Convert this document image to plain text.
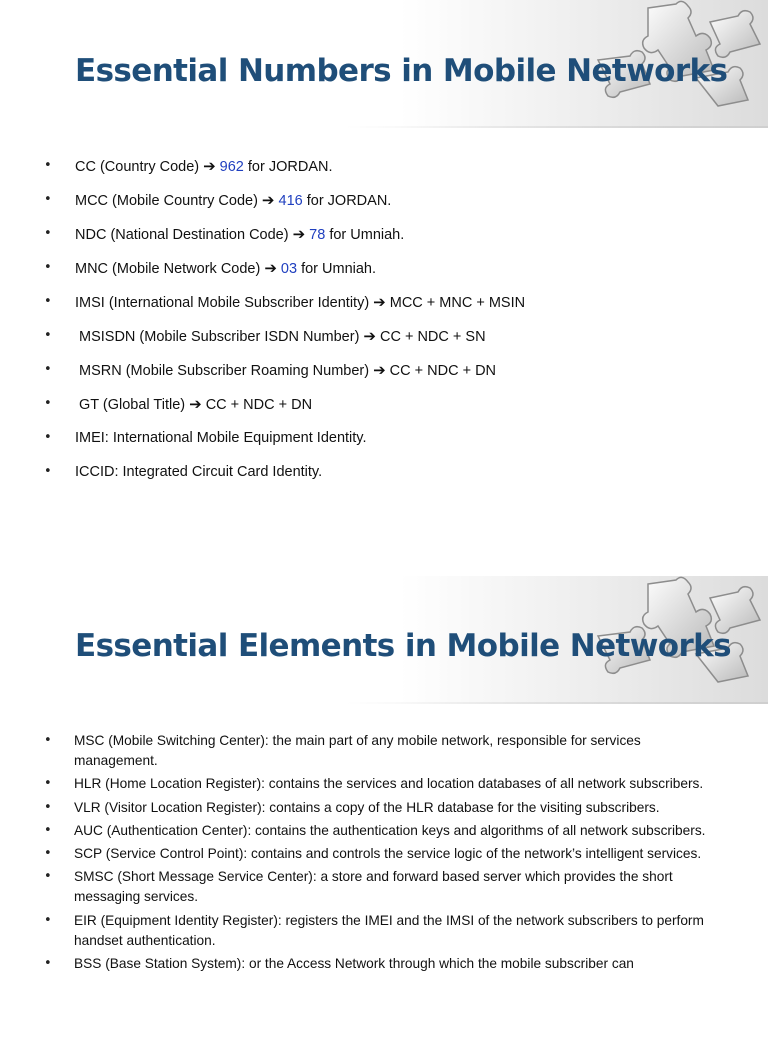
Essential Numbers in Mobile Networks
• CC (Country Code) ➔ 962 for JORDAN.
• MCC (Mobile Country Code) ➔ 416 for JORDAN.
• NDC (National Destination Code) ➔ 78 for Umniah.
• MNC (Mobile Network Code) ➔ 03 for Umniah.
• IMSI (International Mobile Subscriber Identity) ➔ MCC + MNC + MSIN
• MSISDN (Mobile Subscriber ISDN Number) ➔ CC + NDC + SN
• MSRN (Mobile Subscriber Roaming Number) ➔ CC + NDC + DN
• GT (Global Title) ➔ CC + NDC + DN
• IMEI: International Mobile Equipment Identity.
• ICCID: Integrated Circuit Card Identity.
Essential Elements in Mobile Networks
• MSC (Mobile Switching Center): the main part of any mobile network, responsible for services management.
• HLR (Home Location Register): contains the services and location databases of all network subscribers.
• VLR (Visitor Location Register): contains a copy of the HLR database for the visiting subscribers.
• AUC (Authentication Center): contains the authentication keys and algorithms of all network subscribers.
• SCP (Service Control Point): contains and controls the service logic of the network’s intelligent services.
• SMSC (Short Message Service Center): a store and forward based server which provides the short messaging services.
• EIR (Equipment Identity Register): registers the IMEI and the IMSI of the network subscribers to perform handset authentication.
• BSS (Base Station System): or the Access Network through which the mobile subscriber can
